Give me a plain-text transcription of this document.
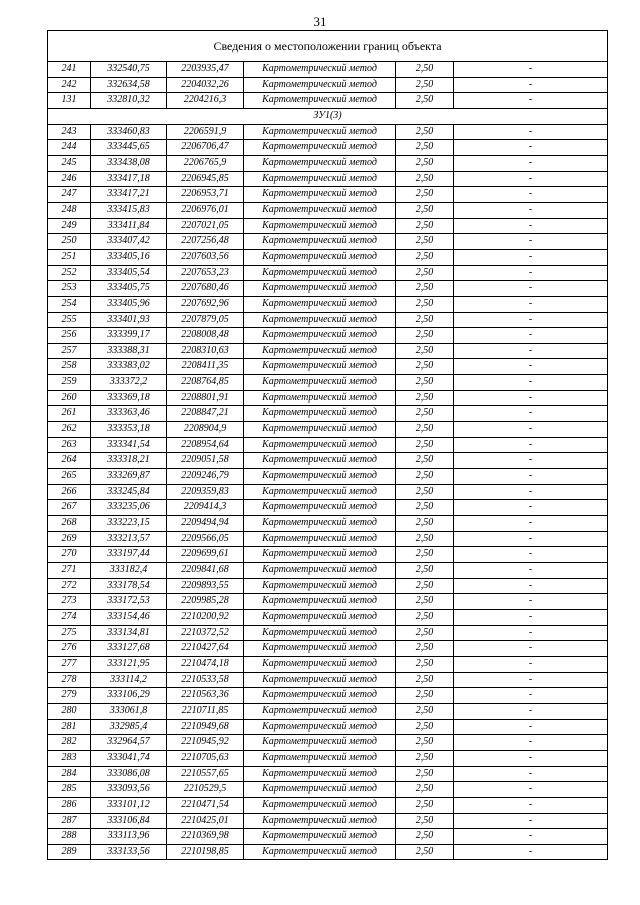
31
Сведения о местоположении границ объекта					
241	332540,75	2203935,47	Картометрический метод	2,50	-
242	332634,58	2204032,26	Картометрический метод	2,50	-
131	332810,32	2204216,3	Картометрический метод	2,50	-
ЗУ1(3)					
243	333460,83	2206591,9	Картометрический метод	2,50	-
244	333445,65	2206706,47	Картометрический метод	2,50	-
245	333438,08	2206765,9	Картометрический метод	2,50	-
246	333417,18	2206945,85	Картометрический метод	2,50	-
247	333417,21	2206953,71	Картометрический метод	2,50	-
248	333415,83	2206976,01	Картометрический метод	2,50	-
249	333411,84	2207021,05	Картометрический метод	2,50	-
250	333407,42	2207256,48	Картометрический метод	2,50	-
251	333405,16	2207603,56	Картометрический метод	2,50	-
252	333405,54	2207653,23	Картометрический метод	2,50	-
253	333405,75	2207680,46	Картометрический метод	2,50	-
254	333405,96	2207692,96	Картометрический метод	2,50	-
255	333401,93	2207879,05	Картометрический метод	2,50	-
256	333399,17	2208008,48	Картометрический метод	2,50	-
257	333388,31	2208310,63	Картометрический метод	2,50	-
258	333383,02	2208411,35	Картометрический метод	2,50	-
259	333372,2	2208764,85	Картометрический метод	2,50	-
260	333369,18	2208801,91	Картометрический метод	2,50	-
261	333363,46	2208847,21	Картометрический метод	2,50	-
262	333353,18	2208904,9	Картометрический метод	2,50	-
263	333341,54	2208954,64	Картометрический метод	2,50	-
264	333318,21	2209051,58	Картометрический метод	2,50	-
265	333269,87	2209246,79	Картометрический метод	2,50	-
266	333245,84	2209359,83	Картометрический метод	2,50	-
267	333235,06	2209414,3	Картометрический метод	2,50	-
268	333223,15	2209494,94	Картометрический метод	2,50	-
269	333213,57	2209566,05	Картометрический метод	2,50	-
270	333197,44	2209699,61	Картометрический метод	2,50	-
271	333182,4	2209841,68	Картометрический метод	2,50	-
272	333178,54	2209893,55	Картометрический метод	2,50	-
273	333172,53	2209985,28	Картометрический метод	2,50	-
274	333154,46	2210200,92	Картометрический метод	2,50	-
275	333134,81	2210372,52	Картометрический метод	2,50	-
276	333127,68	2210427,64	Картометрический метод	2,50	-
277	333121,95	2210474,18	Картометрический метод	2,50	-
278	333114,2	2210533,58	Картометрический метод	2,50	-
279	333106,29	2210563,36	Картометрический метод	2,50	-
280	333061,8	2210711,85	Картометрический метод	2,50	-
281	332985,4	2210949,68	Картометрический метод	2,50	-
282	332964,57	2210945,92	Картометрический метод	2,50	-
283	333041,74	2210705,63	Картометрический метод	2,50	-
284	333086,08	2210557,65	Картометрический метод	2,50	-
285	333093,56	2210529,5	Картометрический метод	2,50	-
286	333101,12	2210471,54	Картометрический метод	2,50	-
287	333106,84	2210425,01	Картометрический метод	2,50	-
288	333113,96	2210369,98	Картометрический метод	2,50	-
289	333133,56	2210198,85	Картометрический метод	2,50	-
